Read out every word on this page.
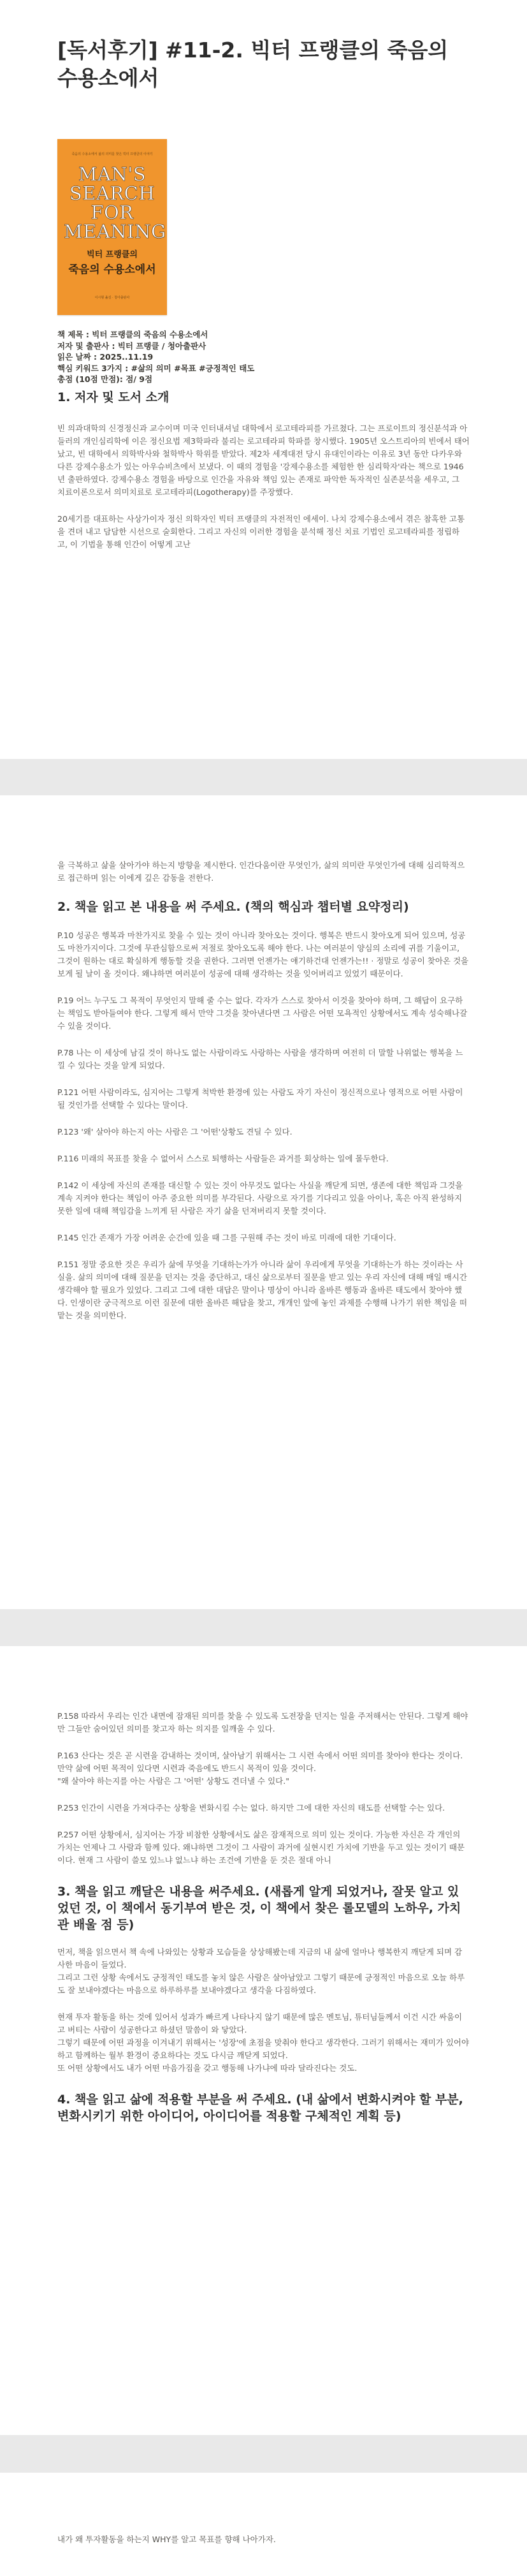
[독서후기] #11-2. 빅터 프랭클의 죽음의 수용소에서
죽음의 수용소에서 삶의 의미를 찾은 빅터 프랭클의 이야기
MAN'S SEARCH FOR MEANING
빅터 프랭클의
죽음의 수용소에서
이시형 옮김 · 청아출판사
책 제목 : 빅터 프랭클의 죽음의 수용소에서
저자 및 출판사 : 빅터 프랭클 / 청아출판사
읽은 날짜 : 2025..11.19
핵심 키워드 3가지 : #삶의 의미 #목표 #긍정적인 태도
총점 (10점 만점): 점/ 9점
1. 저자 및 도서 소개

빈 의과대학의 신경정신과 교수이며 미국 인터내셔널 대학에서 로고테라피를 가르쳤다. 그는 프로이트의 정신분석과 아들러의 개인심리학에 이은 정신요법 제3학파라 불리는 로고테라피 학파를 창시했다. 1905년 오스트리아의 빈에서 태어났고, 빈 대학에서 의학박사와 철학박사 학위를 받았다. 제2차 세계대전 당시 유대인이라는 이유로 3년 동안 다카우와 다른 강제수용소가 있는 아우슈비츠에서 보냈다. 이 때의 경험을 '강제수용소를 체험한 한 심리학자'라는 책으로 1946년 출판하였다. 강제수용소 경험을 바탕으로 인간을 자유와 책임 있는 존재로 파악한 독자적인 실존분석을 세우고, 그 치료이론으로서 의미치료로 로고테라피(Logotherapy)를 주장했다.

20세기를 대표하는 사상가이자 정신 의학자인 빅터 프랭클의 자전적인 에세이. 나치 강제수용소에서 겪은 참혹한 고통을 견뎌 내고 담담한 시선으로 술회한다. 그리고 자신의 이러한 경험을 분석해 정신 치료 기법인 로고테라피를 정립하고, 이 기법을 통해 인간이 어떻게 고난

을 극복하고 삶을 살아가야 하는지 방향을 제시한다. 인간다움이란 무엇인가, 삶의 의미란 무엇인가에 대해 심리학적으로 접근하며 읽는 이에게 깊은 감동을 전한다.

2. 책을 읽고 본 내용을 써 주세요. (책의 핵심과 챕터별 요약정리)

P.10 성공은 행복과 마찬가지로 찾을 수 있는 것이 아니라 찾아오는 것이다. 행복은 반드시 찾아오게 되어 있으며, 성공도 마찬가지이다. 그것에 무관심함으로써 저절로 찾아오도록 해야 한다. 나는 여러분이 양심의 소리에 귀를 기울이고, 그것이 원하는 대로 확실하게 행동할 것을 권한다. 그러면 언젠가는 얘기하건대 언젠가는!! · 정말로 성공이 찾아온 것을 보게 될 날이 올 것이다. 왜냐하면 여러분이 성공에 대해 생각하는 것을 잊어버리고 있었기 때문이다.

P.19 어느 누구도 그 목적이 무엇인지 말해 줄 수는 없다. 각자가 스스로 찾아서 이것을 찾아야 하며, 그 해답이 요구하는 책임도 받아들여야 한다. 그렇게 해서 만약 그것을 찾아낸다면 그 사람은 어떤 모욕적인 상황에서도 계속 성숙해나갈 수 있을 것이다.

P.78 나는 이 세상에 남길 것이 하나도 없는 사람이라도 사랑하는 사람을 생각하며 여전히 더 말할 나위없는 행복을 느낄 수 있다는 것을 알게 되었다.

P.121 어떤 사람이라도, 심지어는 그렇게 척박한 환경에 있는 사람도 자기 자신이 정신적으로나 영적으로 어떤 사람이 될 것인가를 선택할 수 있다는 말이다.

P.123 '왜' 살아야 하는지 아는 사람은 그 '어떤'상황도 견딜 수 있다.

P.116 미래의 목표를 찾을 수 없어서 스스로 퇴행하는 사람들은 과거를 회상하는 일에 몰두한다.

P.142 이 세상에 자신의 존재를 대신할 수 있는 것이 아무것도 없다는 사실을 깨닫게 되면, 생존에 대한 책임과 그것을 계속 지켜야 한다는 책임이 아주 중요한 의미를 부각된다. 사랑으로 자기를 기다리고 있을 아이나, 혹은 아직 완성하지 못한 일에 대해 책임감을 느끼게 된 사람은 자기 삶을 던져버리지 못할 것이다.

P.145 인간 존재가 가장 어려운 순간에 있을 때 그를 구원해 주는 것이 바로 미래에 대한 기대이다.

P.151 정말 중요한 것은 우리가 삶에 무엇을 기대하는가가 아니라 삶이 우리에게 무엇을 기대하는가 하는 것이라는 사실을. 삶의 의미에 대해 질문을 던지는 것을 중단하고, 대신 삶으로부터 질문을 받고 있는 우리 자신에 대해 매일 매시간 생각해야 할 필요가 있었다. 그리고 그에 대한 대답은 말이나 명상이 아니라 올바른 행동과 올바른 태도에서 찾아야 했다. 인생이란 궁극적으로 이런 질문에 대한 올바른 해답을 찾고, 개개인 앞에 놓인 과제를 수행해 나가기 위한 책임을 떠맡는 것을 의미한다.

P.158 따라서 우리는 인간 내면에 잠재된 의미를 찾을 수 있도록 도전장을 던지는 일을 주저해서는 안된다. 그렇게 해야만 그들안 숨어있던 의미를 찾고자 하는 의지를 일깨울 수 있다.

P.163 산다는 것은 곧 시련을 감내하는 것이며, 살아남기 위해서는 그 시련 속에서 어떤 의미를 찾아야 한다는 것이다. 만약 삶에 어떤 목적이 있다면 시련과 죽음에도 반드시 목적이 있을 것이다.

"왜 살아야 하는지를 아는 사람은 그 '어떤' 상황도 견더낼 수 있다."

P.253 인간이 시련을 가져다주는 상황을 변화시킬 수는 없다. 하지만 그에 대한 자신의 태도를 선택할 수는 있다.

P.257 어떤 상황에서, 심지어는 가장 비참한 상황에서도 삶은 잠재적으로 의미 있는 것이다. 가능한 자신은 각 개인의 가치는 언제나 그 사람과 함께 있다. 왜냐하면 그것이 그 사람이 과거에 실현시킨 가치에 기반을 두고 있는 것이기 때문이다. 현재 그 사람이 쓸모 있느냐 없느냐 하는 조건에 기반을 둔 것은 절대 아니

3. 책을 읽고 깨달은 내용을 써주세요. (새롭게 알게 되었거나, 잘못 알고 있었던 것, 이 책에서 동기부여 받은 것, 이 책에서 찾은 롤모델의 노하우, 가치관 배울 점 등)

먼저, 책을 읽으면서 책 속에 나와있는 상황과 모습들을 상상해봤는데 지금의 내 삶에 얼마나 행복한지 깨닫게 되며 감사한 마음이 들었다.
그리고 그런 상황 속에서도 긍정적인 태도를 놓치 않은 사람은 살아남았고 그렇기 때문에 긍정적인 마음으로 오늘 하루도 잘 보내야겠다는 마음으로 하루하루를 보내야겠다고 생각을 다짐하였다.

현재 투자 활동을 하는 것에 있어서 성과가 빠르게 나타나지 않기 때문에 많은 멘토님, 튜터님들께서 이건 시간 싸움이고 버티는 사람이 성공한다고 하셨던 말씀이 와 닿았다.
그렇기 때문에 어떤 과정을 이겨내기 위해서는 '성장'에 초점을 맞춰야 한다고 생각한다. 그러기 위해서는 재미가 있어야 하고 함께하는 월부 환경이 중요하다는 것도 다시금 깨닫게 되었다.
또 어떤 상황에서도 내가 어떤 마음가짐을 갖고 행동해 나가냐에 따라 달라진다는 것도.

4. 책을 읽고 삶에 적용할 부분을 써 주세요. (내 삶에서 변화시켜야 할 부분, 변화시키기 위한 아이디어, 아이디어를 적용할 구체적인 계획 등)

내가 왜 투자활동을 하는지 WHY를 알고 목표를 향해 나아가자.
